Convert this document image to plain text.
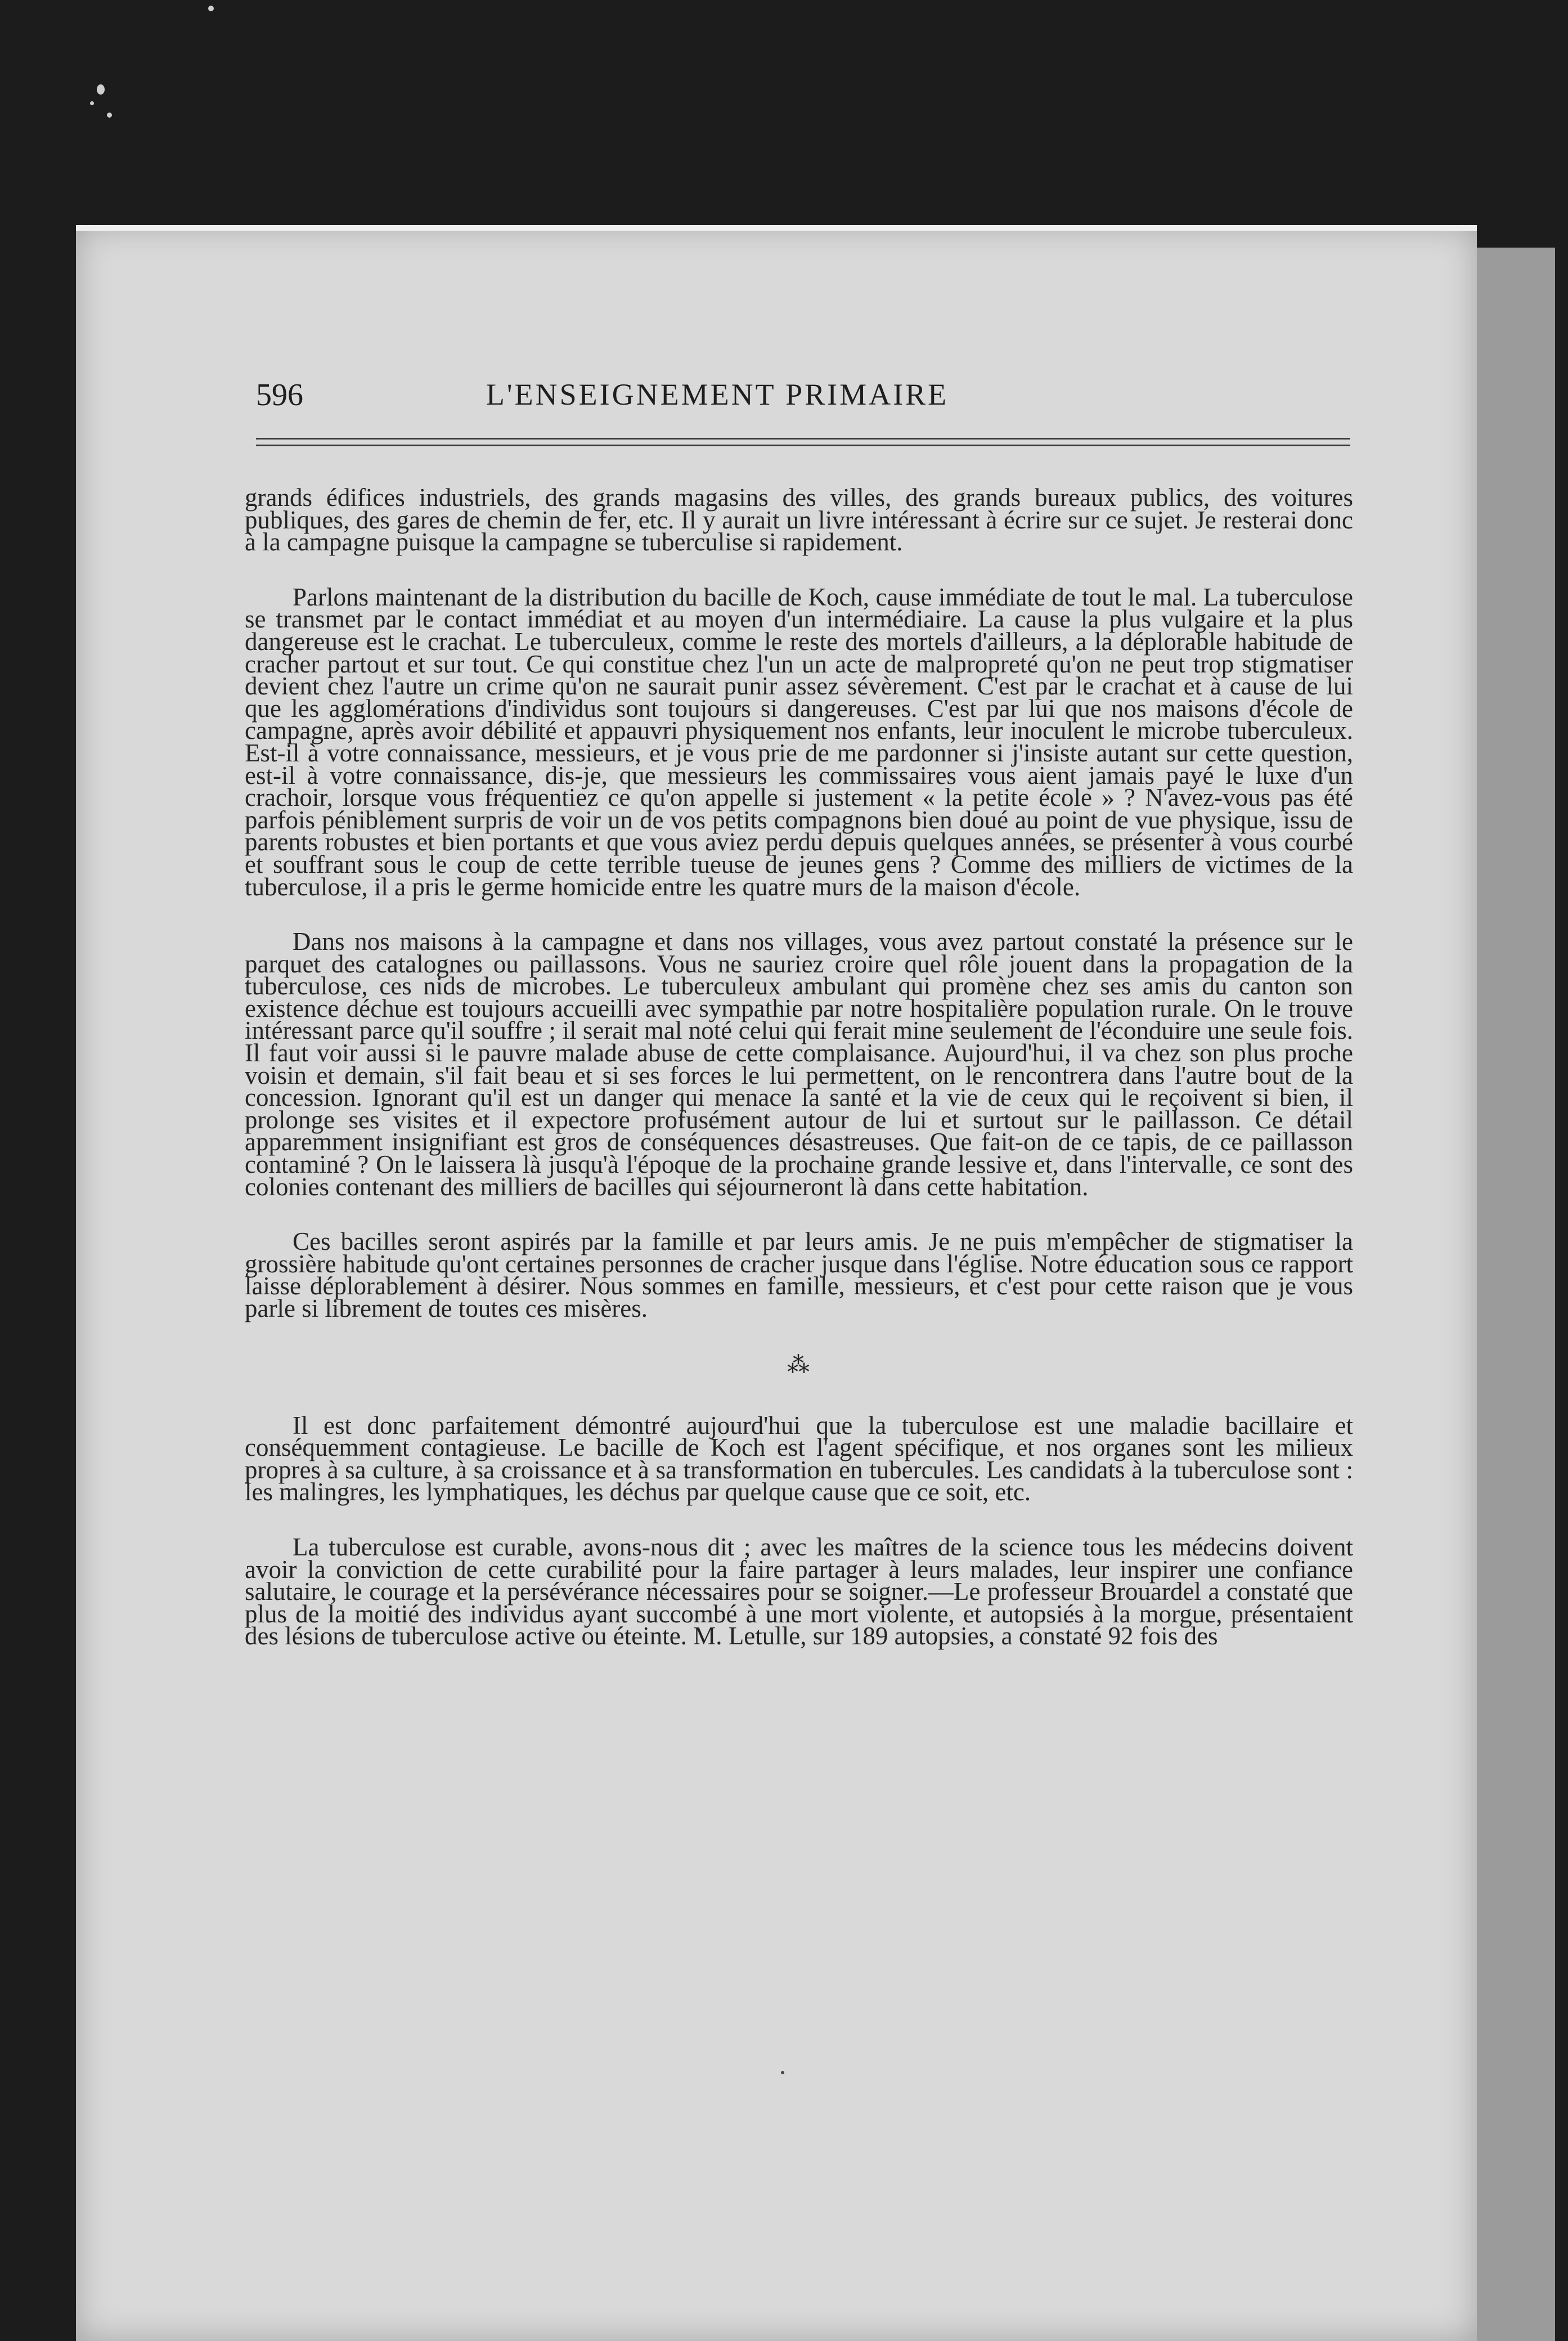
596	L'ENSEIGNEMENT PRIMAIRE

grands édifices industriels, des grands magasins des villes, des grands bureaux publics, des voitures publiques, des gares de chemin de fer, etc. Il y aurait un livre intéressant à écrire sur ce sujet. Je resterai donc à la campagne puisque la campagne se tuberculise si rapidement.

Parlons maintenant de la distribution du bacille de Koch, cause immédiate de tout le mal. La tuberculose se transmet par le contact immédiat et au moyen d'un intermédiaire. La cause la plus vulgaire et la plus dangereuse est le crachat. Le tuberculeux, comme le reste des mortels d'ailleurs, a la déplorable habitude de cracher partout et sur tout. Ce qui constitue chez l'un un acte de malpropreté qu'on ne peut trop stigmatiser devient chez l'autre un crime qu'on ne saurait punir assez sévèrement. C'est par le crachat et à cause de lui que les agglomérations d'individus sont toujours si dangereuses. C'est par lui que nos maisons d'école de campagne, après avoir débilité et appauvri physiquement nos enfants, leur inoculent le microbe tuberculeux. Est-il à votre connaissance, messieurs, et je vous prie de me pardonner si j'insiste autant sur cette question, est-il à votre connaissance, dis-je, que messieurs les commissaires vous aient jamais payé le luxe d'un crachoir, lorsque vous fréquentiez ce qu'on appelle si justement « la petite école » ? N'avez-vous pas été parfois péniblement surpris de voir un de vos petits compagnons bien doué au point de vue physique, issu de parents robustes et bien portants et que vous aviez perdu depuis quelques années, se présenter à vous courbé et souffrant sous le coup de cette terrible tueuse de jeunes gens ? Comme des milliers de victimes de la tuberculose, il a pris le germe homicide entre les quatre murs de la maison d'école.

Dans nos maisons à la campagne et dans nos villages, vous avez partout constaté la présence sur le parquet des catalognes ou paillassons. Vous ne sauriez croire quel rôle jouent dans la propagation de la tuberculose, ces nids de microbes. Le tuberculeux ambulant qui promène chez ses amis du canton son existence déchue est toujours accueilli avec sympathie par notre hospitalière population rurale. On le trouve intéressant parce qu'il souffre ; il serait mal noté celui qui ferait mine seulement de l'éconduire une seule fois. Il faut voir aussi si le pauvre malade abuse de cette complaisance. Aujourd'hui, il va chez son plus proche voisin et demain, s'il fait beau et si ses forces le lui permettent, on le rencontrera dans l'autre bout de la concession. Ignorant qu'il est un danger qui menace la santé et la vie de ceux qui le reçoivent si bien, il prolonge ses visites et il expectore profusément autour de lui et surtout sur le paillasson. Ce détail apparemment insignifiant est gros de conséquences désastreuses. Que fait-on de ce tapis, de ce paillasson contaminé ? On le laissera là jusqu'à l'époque de la prochaine grande lessive et, dans l'intervalle, ce sont des colonies contenant des milliers de bacilles qui séjourneront là dans cette habitation.

Ces bacilles seront aspirés par la famille et par leurs amis. Je ne puis m'empêcher de stigmatiser la grossière habitude qu'ont certaines personnes de cracher jusque dans l'église. Notre éducation sous ce rapport laisse déplorablement à désirer. Nous sommes en famille, messieurs, et c'est pour cette raison que je vous parle si librement de toutes ces misères.

⁂

Il est donc parfaitement démontré aujourd'hui que la tuberculose est une maladie bacillaire et conséquemment contagieuse. Le bacille de Koch est l'agent spécifique, et nos organes sont les milieux propres à sa culture, à sa croissance et à sa transformation en tubercules. Les candidats à la tuberculose sont : les malingres, les lymphatiques, les déchus par quelque cause que ce soit, etc.

La tuberculose est curable, avons-nous dit ; avec les maîtres de la science tous les médecins doivent avoir la conviction de cette curabilité pour la faire partager à leurs malades, leur inspirer une confiance salutaire, le courage et la persévérance nécessaires pour se soigner.—Le professeur Brouardel a constaté que plus de la moitié des individus ayant succombé à une mort violente, et autopsiés à la morgue, présentaient des lésions de tuberculose active ou éteinte. M. Letulle, sur 189 autopsies, a constaté 92 fois des
